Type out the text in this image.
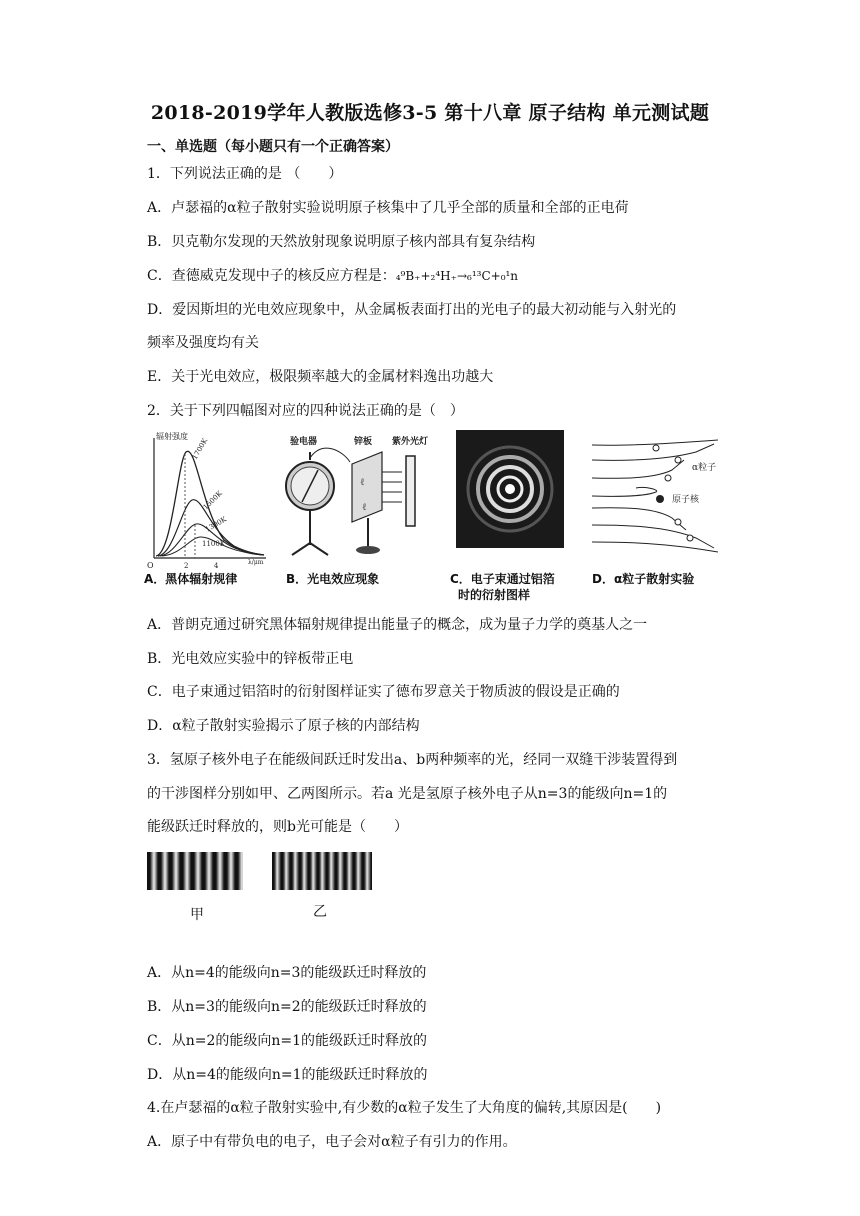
2018-2019学年人教版选修3-5 第十八章 原子结构 单元测试题
一、单选题（每小题只有一个正确答案）
1．下列说法正确的是 （　　）
A．卢瑟福的α粒子散射实验说明原子核集中了几乎全部的质量和全部的正电荷
B．贝克勒尔发现的天然放射现象说明原子核内部具有复杂结构
C．查德威克发现中子的核反应方程是：₄⁹B₊+₂⁴H₊→₆¹³C+₀¹n
D．爱因斯坦的光电效应现象中，从金属板表面打出的光电子的最大初动能与入射光的
频率及强度均有关
E．关于光电效应，极限频率越大的金属材料逸出功越大
2．关于下列四幅图对应的四种说法正确的是（　）
辐射强度
1700K
1500K
1300K
1100K
O	2	4	λ/μm
验电器	锌板 紫外光灯
ℓ
ℓ
α粒子
原子核
A．黑体辐射规律	B．光电效应现象	C．电子束通过铝箔
时的衍射图样
D．α粒子散射实验
A．普朗克通过研究黑体辐射规律提出能量子的概念，成为量子力学的奠基人之一
B．光电效应实验中的锌板带正电
C．电子束通过铝箔时的衍射图样证实了德布罗意关于物质波的假设是正确的
D．α粒子散射实验揭示了原子核的内部结构
3．氢原子核外电子在能级间跃迁时发出a、b两种频率的光，经同一双缝干涉装置得到
的干涉图样分别如甲、乙两图所示。若a 光是氢原子核外电子从n=3的能级向n=1的
能级跃迁时释放的，则b光可能是（　　）
甲	乙
A．从n=4的能级向n=3的能级跃迁时释放的
B．从n=3的能级向n=2的能级跃迁时释放的
C．从n=2的能级向n=1的能级跃迁时释放的
D．从n=4的能级向n=1的能级跃迁时释放的
4.在卢瑟福的α粒子散射实验中,有少数的α粒子发生了大角度的偏转,其原因是(　　)
A．原子中有带负电的电子，电子会对α粒子有引力的作用。
